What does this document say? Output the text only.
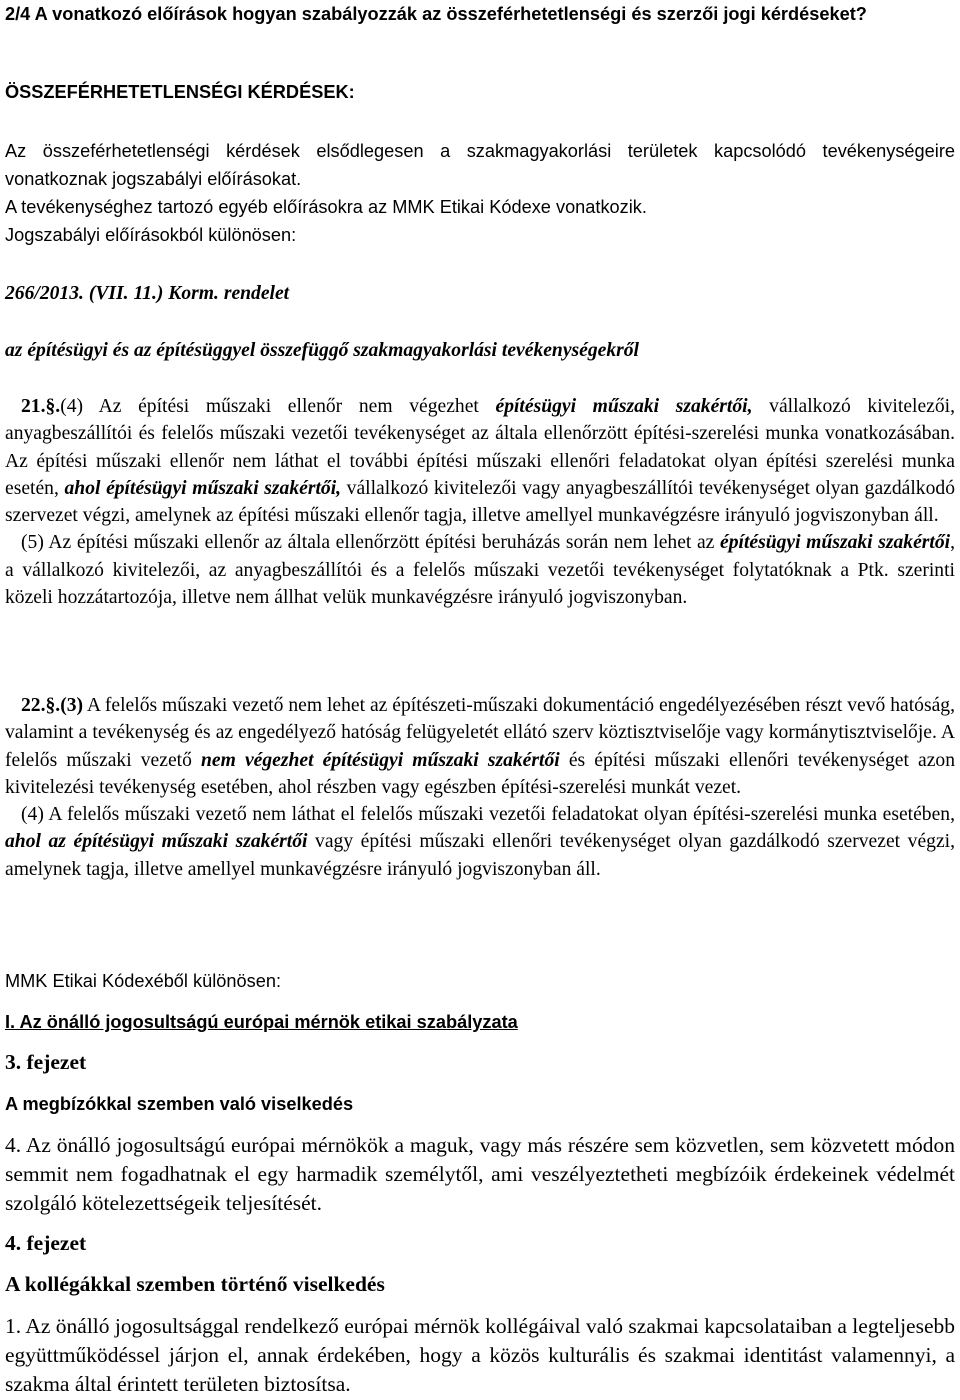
2/4 A vonatkozó előírások hogyan szabályozzák az összeférhetetlenségi és szerzői jogi kérdéseket?

ÖSSZEFÉRHETETLENSÉGI KÉRDÉSEK:

Az összeférhetetlenségi kérdések elsődlegesen a szakmagyakorlási területek kapcsolódó tevékenységeire vonatkoznak jogszabályi előírásokat.

A tevékenységhez tartozó egyéb előírásokra az MMK Etikai Kódexe vonatkozik.

Jogszabályi előírásokból különösen:

266/2013. (VII. 11.) Korm. rendelet

az építésügyi és az építésüggyel összefüggő szakmagyakorlási tevékenységekről

21.§.(4) Az építési műszaki ellenőr nem végezhet építésügyi műszaki szakértői, vállalkozó kivitelezői, anyagbeszállítói és felelős műszaki vezetői tevékenységet az általa ellenőrzött építési-szerelési munka vonatkozásában. Az építési műszaki ellenőr nem láthat el további építési műszaki ellenőri feladatokat olyan építési szerelési munka esetén, ahol építésügyi műszaki szakértői, vállalkozó kivitelezői vagy anyagbeszállítói tevékenységet olyan gazdálkodó szervezet végzi, amelynek az építési műszaki ellenőr tagja, illetve amellyel munkavégzésre irányuló jogviszonyban áll.
(5) Az építési műszaki ellenőr az általa ellenőrzött építési beruházás során nem lehet az építésügyi műszaki szakértői, a vállalkozó kivitelezői, az anyagbeszállítói és a felelős műszaki vezetői tevékenységet folytatóknak a Ptk. szerinti közeli hozzátartozója, illetve nem állhat velük munkavégzésre irányuló jogviszonyban.
22.§.(3) A felelős műszaki vezető nem lehet az építészeti-műszaki dokumentáció engedélyezésében részt vevő hatóság, valamint a tevékenység és az engedélyező hatóság felügyeletét ellátó szerv köztisztviselője vagy kormánytisztviselője. A felelős műszaki vezető nem végezhet építésügyi műszaki szakértői és építési műszaki ellenőri tevékenységet azon kivitelezési tevékenység esetében, ahol részben vagy egészben építési-szerelési munkát vezet.
(4) A felelős műszaki vezető nem láthat el felelős műszaki vezetői feladatokat olyan építési-szerelési munka esetében, ahol az építésügyi műszaki szakértői vagy építési műszaki ellenőri tevékenységet olyan gazdálkodó szervezet végzi, amelynek tagja, illetve amellyel munkavégzésre irányuló jogviszonyban áll.

MMK Etikai Kódexéből különösen:

I. Az önálló jogosultságú európai mérnök etikai szabályzata

3. fejezet

A megbízókkal szemben való viselkedés

4. Az önálló jogosultságú európai mérnökök a maguk, vagy más részére sem közvetlen, sem közvetett módon semmit nem fogadhatnak el egy harmadik személytől, ami veszélyeztetheti megbízóik érdekeinek védelmét szolgáló kötelezettségeik teljesítését.

4. fejezet

A kollégákkal szemben történő viselkedés

1. Az önálló jogosultsággal rendelkező európai mérnök kollégáival való szakmai kapcsolataiban a legteljesebb együttműködéssel járjon el, annak érdekében, hogy a közös kulturális és szakmai identitást valamennyi, a szakma által érintett területen biztosítsa.
